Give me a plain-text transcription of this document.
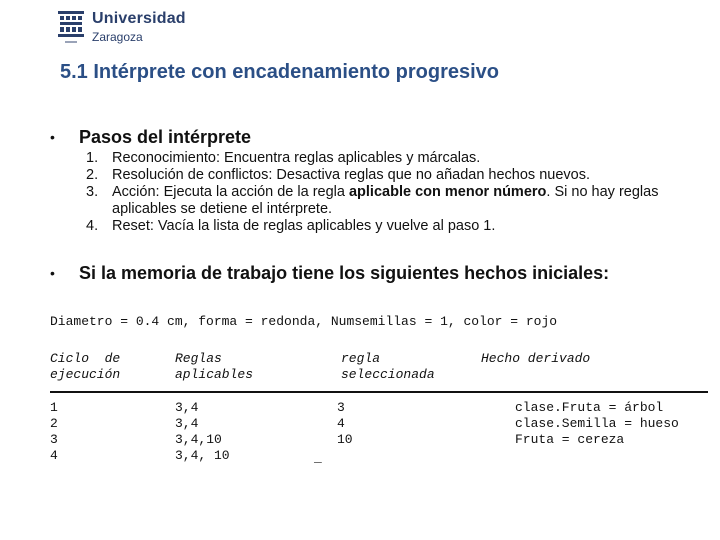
Universidad
Zaragoza
5.1 Intérprete con encadenamiento progresivo
• Pasos del intérprete
1. Reconocimiento: Encuentra reglas aplicables y márcalas.
2. Resolución de conflictos: Desactiva reglas que no añadan hechos nuevos.
3. Acción: Ejecuta la acción de la regla aplicable con menor número. Si no hay reglas aplicables se detiene el intérprete.
4. Reset: Vacía la lista de reglas aplicables y vuelve al paso 1.
• Si la memoria de trabajo tiene los siguientes hechos iniciales:
Diametro = 0.4 cm, forma = redonda, Numsemillas = 1, color = rojo
Ciclo  de
ejecución
Reglas
aplicables
regla
seleccionada
Hecho derivado
1
2
3
4
3,4
3,4
3,4,10
3,4, 10
3
4
10
_
clase.Fruta = árbol
clase.Semilla = hueso
Fruta = cereza
